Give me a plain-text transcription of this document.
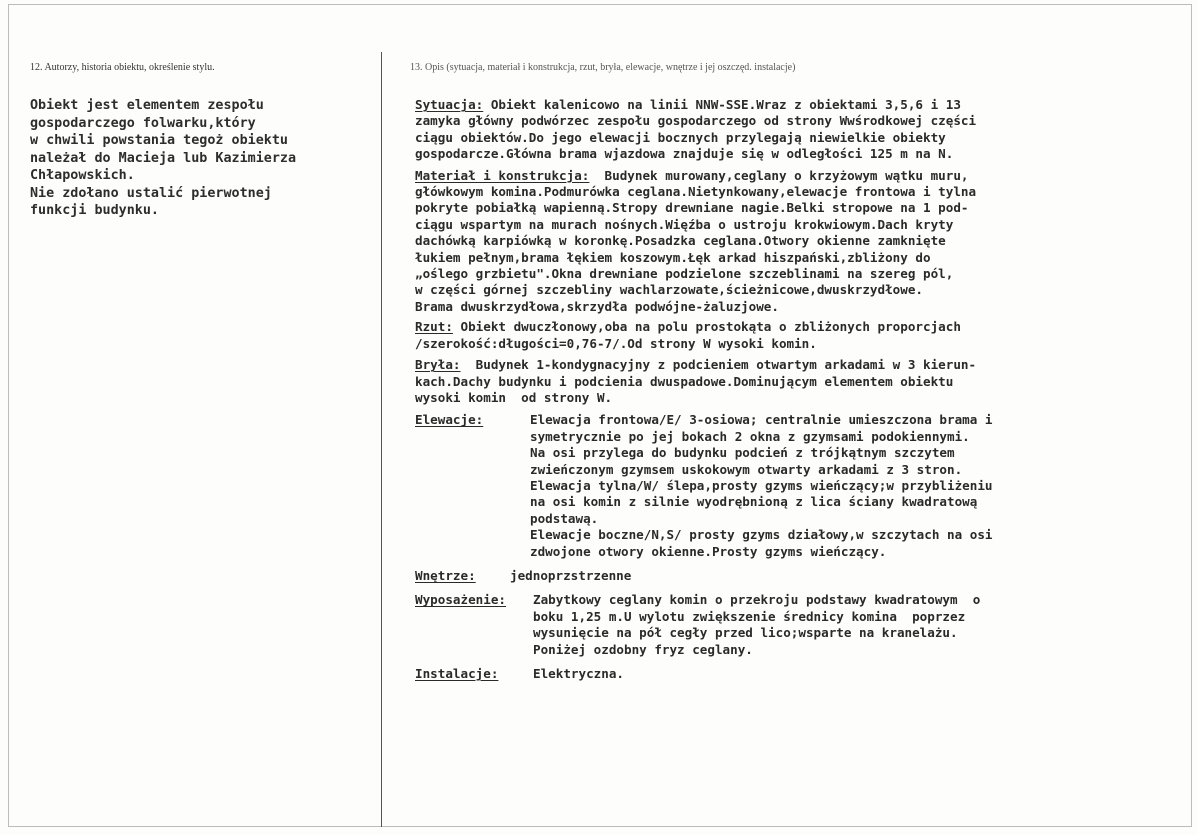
12. Autorzy, historia obiektu, określenie stylu.	13. Opis (sytuacja, materiał i konstrukcja, rzut, bryła, elewacje, wnętrze i jej oszczęd. instalacje)
Obiekt jest elementem zespołu
gospodarczego folwarku,który
w chwili powstania tegoż obiektu
należał do Macieja lub Kazimierza
Chłapowskich.
Nie zdołano ustalić pierwotnej
funkcji budynku.
Sytuacja: Obiekt kalenicowo na linii NNW-SSE.Wraz z obiektami 3,5,6 i 13
zamyka główny podwórzec zespołu gospodarczego od strony Wwśrodkowej części
ciągu obiektów.Do jego elewacji bocznych przylegają niewielkie obiekty
gospodarcze.Główna brama wjazdowa znajduje się w odległości 125 m na N.
Materiał i konstrukcja:  Budynek murowany,ceglany o krzyżowym wątku muru,
główkowym komina.Podmurówka ceglana.Nietynkowany,elewacje frontowa i tylna
pokryte pobiałką wapienną.Stropy drewniane nagie.Belki stropowe na 1 pod-
ciągu wspartym na murach nośnych.Więźba o ustroju krokwiowym.Dach kryty
dachówką karpiówką w koronkę.Posadzka ceglana.Otwory okienne zamknięte
łukiem pełnym,brama łękiem koszowym.Łęk arkad hiszpański,zbliżony do
„oślego grzbietu".Okna drewniane podzielone szczeblinami na szereg pól,
w części górnej szczebliny wachlarzowate,ścieżnicowe,dwuskrzydłowe.
Brama dwuskrzydłowa,skrzydła podwójne-żaluzjowe.
Rzut: Obiekt dwuczłonowy,oba na polu prostokąta o zbliżonych proporcjach
/szerokość:długości=0,76-7/.Od strony W wysoki komin.
Bryła:  Budynek 1-kondygnacyjny z podcieniem otwartym arkadami w 3 kierun-
kach.Dachy budynku i podcienia dwuspadowe.Dominującym elementem obiektu
wysoki komin  od strony W.
Elewacje:	Elewacja frontowa/E/ 3-osiowa; centralnie umieszczona brama i
symetrycznie po jej bokach 2 okna z gzymsami podokiennymi.
Na osi przylega do budynku podcień z trójkątnym szczytem
zwieńczonym gzymsem uskokowym otwarty arkadami z 3 stron.
Elewacja tylna/W/ ślepa,prosty gzyms wieńczący;w przybliżeniu
na osi komin z silnie wyodrębnioną z lica ściany kwadratową
podstawą.
Elewacje boczne/N,S/ prosty gzyms działowy,w szczytach na osi
zdwojone otwory okienne.Prosty gzyms wieńczący.
Wnętrze:	jednoprzstrzenne
Wyposażenie:	Zabytkowy ceglany komin o przekroju podstawy kwadratowym  o
boku 1,25 m.U wylotu zwiększenie średnicy komina  poprzez
wysunięcie na pół cegły przed lico;wsparte na kranelażu.
Poniżej ozdobny fryz ceglany.
Instalacje:	Elektryczna.
